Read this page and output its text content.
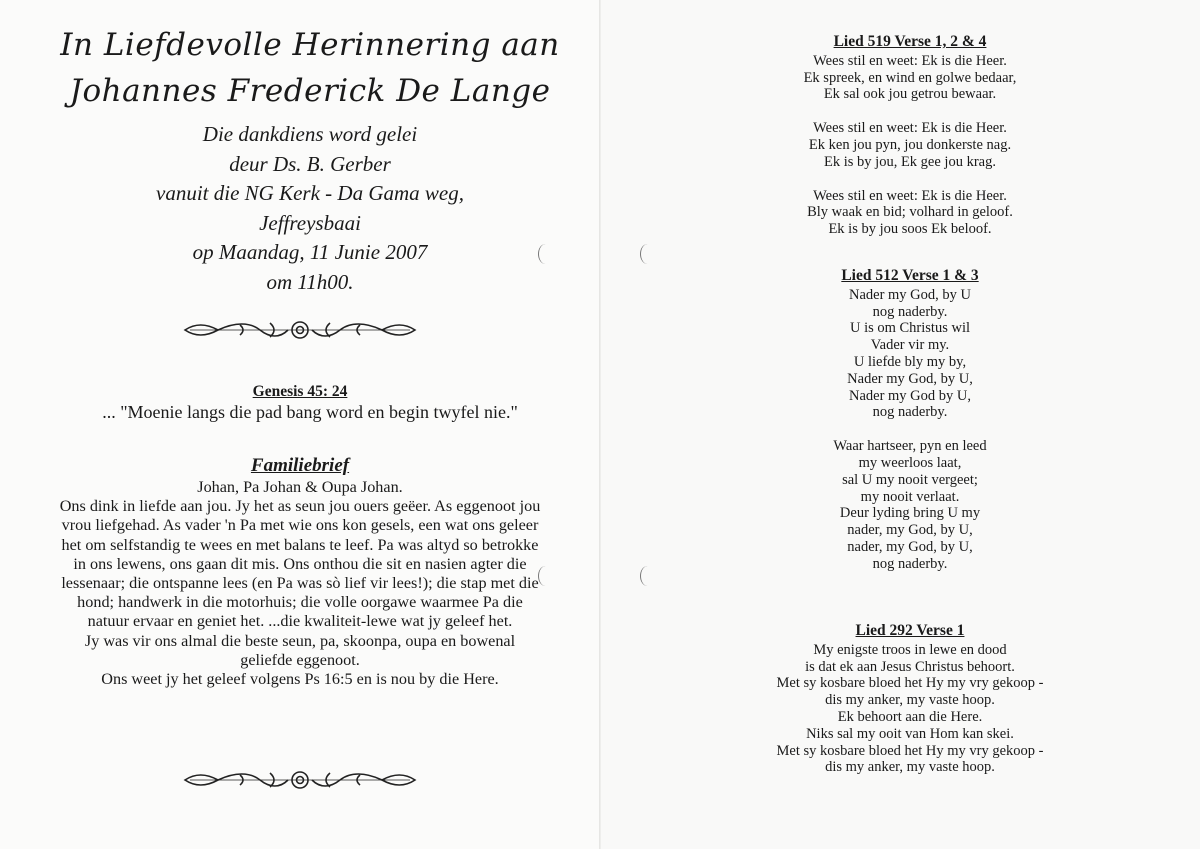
In Liefdevolle Herinnering aan
Johannes Frederick De Lange
Die dankdiens word gelei
deur Ds. B. Gerber
vanuit die NG Kerk - Da Gama weg,
Jeffreysbaai
op Maandag, 11 Junie 2007
om 11h00.
Genesis 45: 24
... "Moenie langs die pad bang word en begin twyfel nie."
Familiebrief
Johan, Pa Johan & Oupa Johan.
Ons dink in liefde aan jou. Jy het as seun jou ouers geëer. As eggenoot jou
vrou liefgehad. As vader 'n Pa met wie ons kon gesels, een wat ons geleer
het om selfstandig te wees en met balans te leef. Pa was altyd so betrokke
in ons lewens, ons gaan dit mis. Ons onthou die sit en nasien agter die
lessenaar; die ontspanne lees (en Pa was sò lief vir lees!); die stap met die
hond; handwerk in die motorhuis; die volle oorgawe waarmee Pa die
natuur ervaar en geniet het. ...die kwaliteit-lewe wat jy geleef het.
Jy was vir ons almal die beste seun, pa, skoonpa, oupa en bowenal
geliefde eggenoot.
Ons weet jy het geleef volgens Ps 16:5 en is nou by die Here.
Lied 519 Verse 1, 2 & 4
Wees stil en weet: Ek is die Heer.
Ek spreek, en wind en golwe bedaar,
Ek sal ook jou getrou bewaar.
Wees stil en weet: Ek is die Heer.
Ek ken jou pyn, jou donkerste nag.
Ek is by jou, Ek gee jou krag.
Wees stil en weet: Ek is die Heer.
Bly waak en bid; volhard in geloof.
Ek is by jou soos Ek beloof.
Lied 512 Verse 1 & 3
Nader my God, by U
nog naderby.
U is om Christus wil
Vader vir my.
U liefde bly my by,
Nader my God, by U,
Nader my God by U,
nog naderby.
Waar hartseer, pyn en leed
my weerloos laat,
sal U my nooit vergeet;
my nooit verlaat.
Deur lyding bring U my
nader, my God, by U,
nader, my God, by U,
nog naderby.
Lied 292 Verse 1
My enigste troos in lewe en dood
is dat ek aan Jesus Christus behoort.
Met sy kosbare bloed het Hy my vry gekoop -
dis my anker, my vaste hoop.
Ek behoort aan die Here.
Niks sal my ooit van Hom kan skei.
Met sy kosbare bloed het Hy my vry gekoop -
dis my anker, my vaste hoop.
